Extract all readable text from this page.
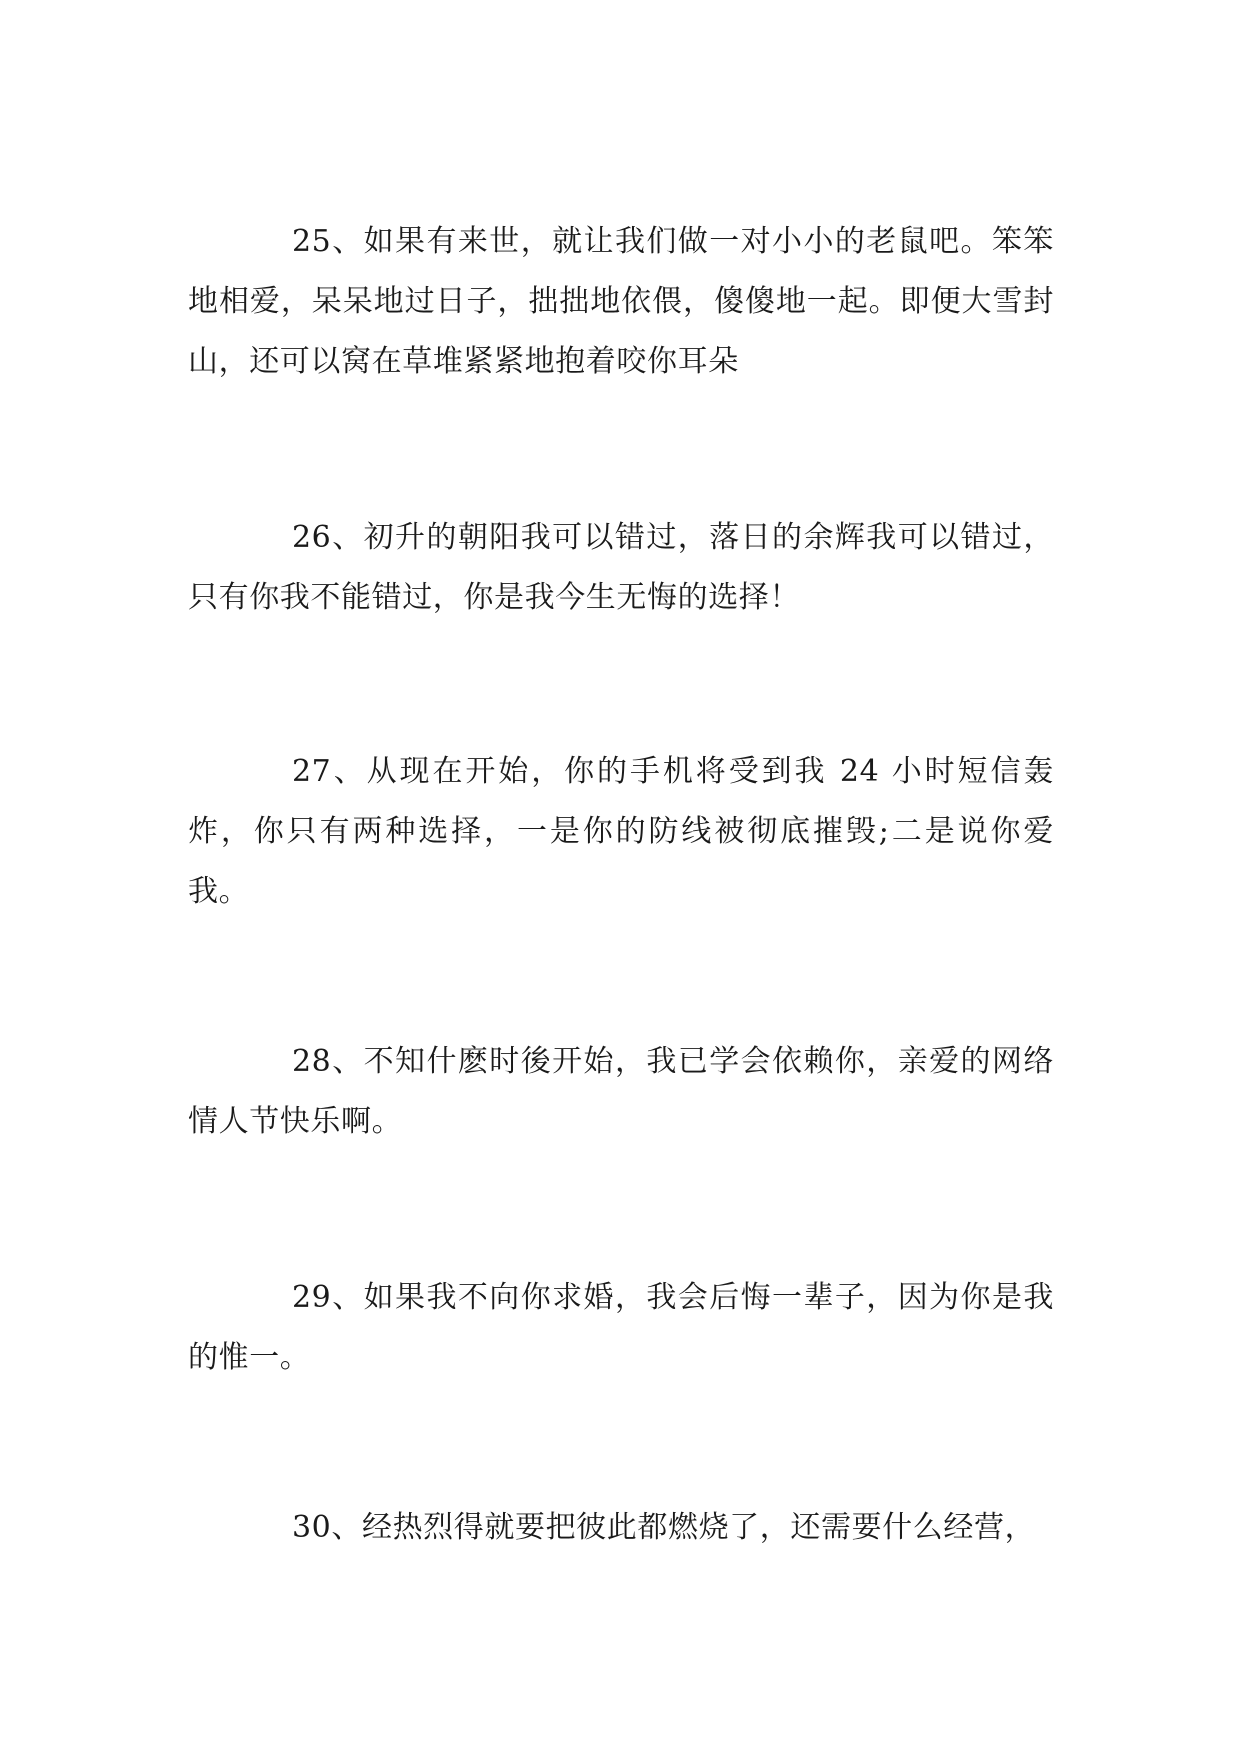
25、如果有来世，就让我们做一对小小的老鼠吧。笨笨地相爱，呆呆地过日子，拙拙地依偎，傻傻地一起。即便大雪封山，还可以窝在草堆紧紧地抱着咬你耳朵

26、初升的朝阳我可以错过，落日的余辉我可以错过，只有你我不能错过，你是我今生无悔的选择！

27、从现在开始，你的手机将受到我 24 小时短信轰炸，你只有两种选择，一是你的防线被彻底摧毁;二是说你爱我。

28、不知什麽时後开始，我已学会依赖你，亲爱的网络情人节快乐啊。

29、如果我不向你求婚，我会后悔一辈子，因为你是我的惟一。

30、经热烈得就要把彼此都燃烧了，还需要什么经营，
